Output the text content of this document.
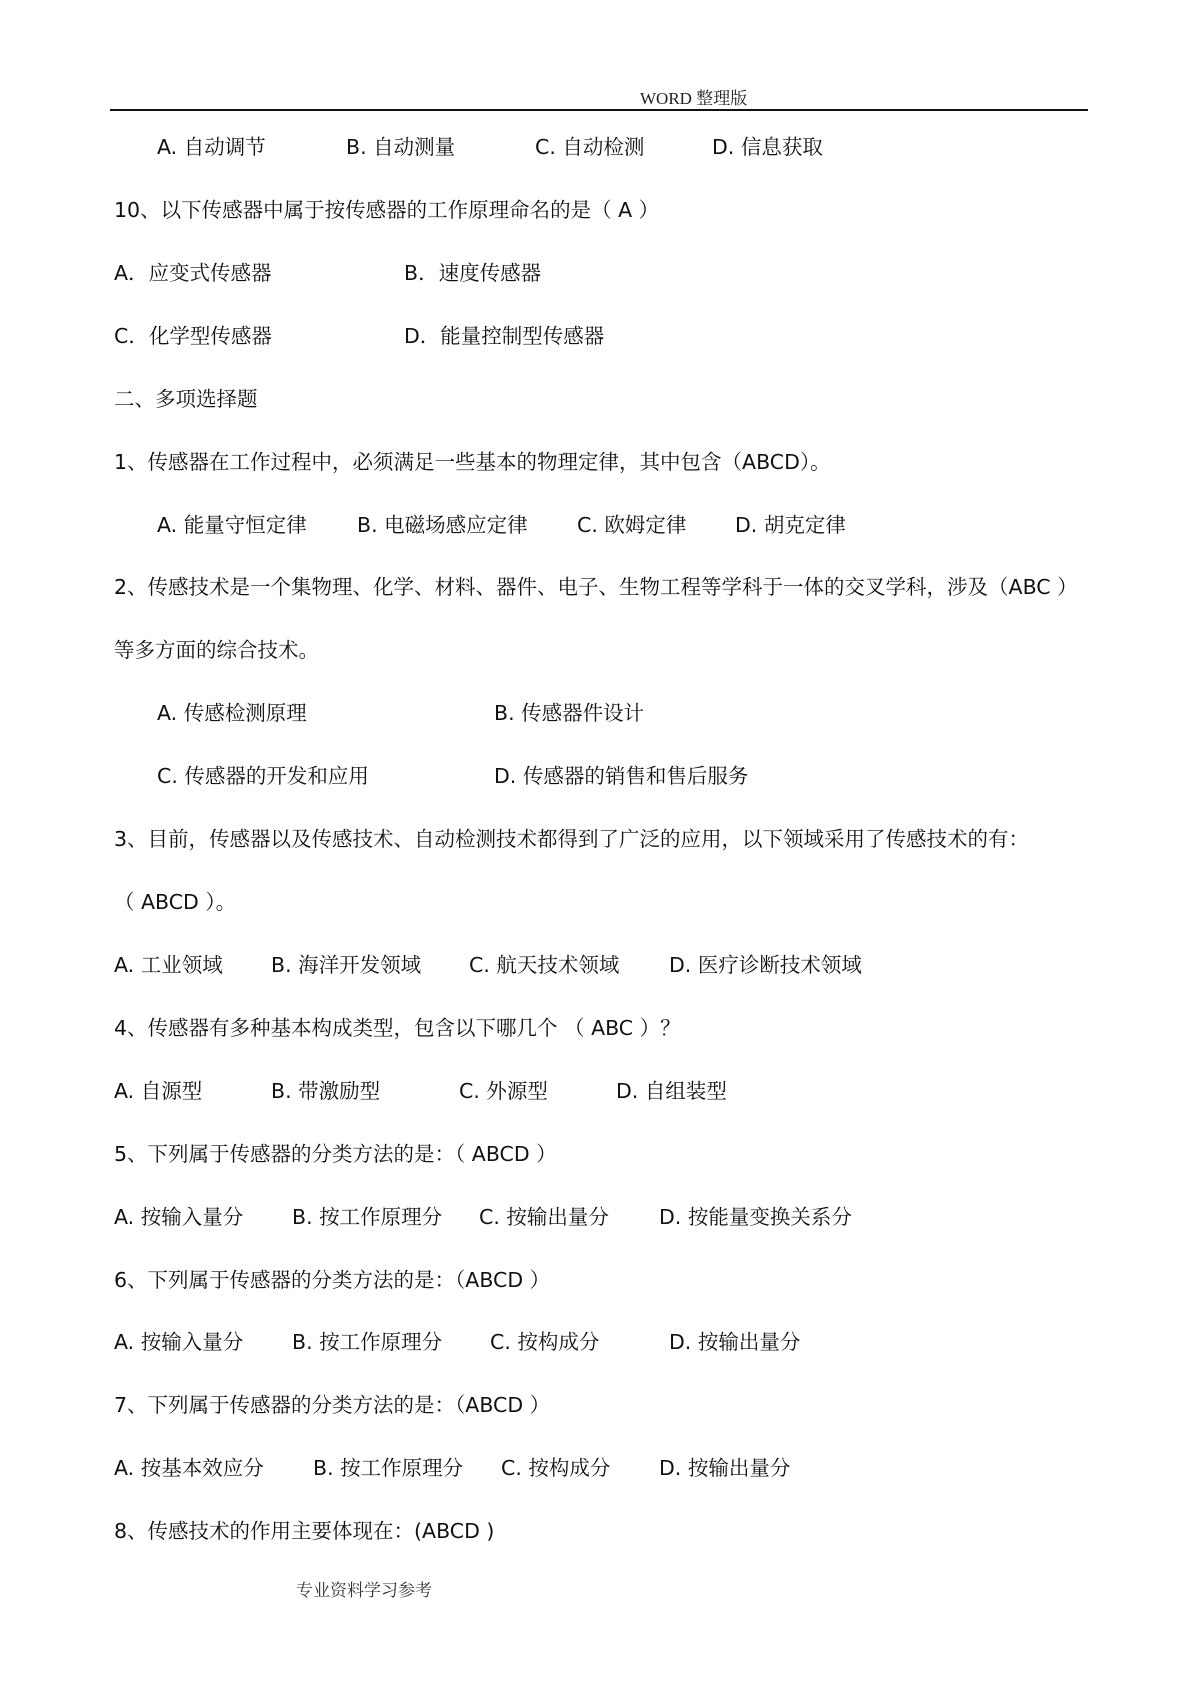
WORD 整理版
A. 自动调节	B. 自动测量	C. 自动检测	D. 信息获取
10、以下传感器中属于按传感器的工作原理命名的是（ A ）
A．应变式传感器	B．速度传感器
C．化学型传感器	D．能量控制型传感器
二、多项选择题
1、传感器在工作过程中，必须满足一些基本的物理定律，其中包含（ABCD）。
A. 能量守恒定律 B. 电磁场感应定律 C. 欧姆定律 D. 胡克定律
2、传感技术是一个集物理、化学、材料、器件、电子、生物工程等学科于一体的交叉学科，涉及（ABC ）
等多方面的综合技术。
A. 传感检测原理	B. 传感器件设计
C. 传感器的开发和应用	D. 传感器的销售和售后服务
3、目前，传感器以及传感技术、自动检测技术都得到了广泛的应用，以下领域采用了传感技术的有：
（ ABCD ）。
A. 工业领域 B. 海洋开发领域 C. 航天技术领域 D. 医疗诊断技术领域
4、传感器有多种基本构成类型，包含以下哪几个 （ ABC ）？
A. 自源型	B. 带激励型	C. 外源型	D. 自组装型
5、下列属于传感器的分类方法的是：（ ABCD ）
A. 按输入量分 B. 按工作原理分 C. 按输出量分 D. 按能量变换关系分
6、下列属于传感器的分类方法的是：（ABCD ）
A. 按输入量分 B. 按工作原理分 C. 按构成分	D. 按输出量分
7、下列属于传感器的分类方法的是：（ABCD ）
A. 按基本效应分 B. 按工作原理分 C. 按构成分 D. 按输出量分
8、传感技术的作用主要体现在：(ABCD )
专业资料学习参考
